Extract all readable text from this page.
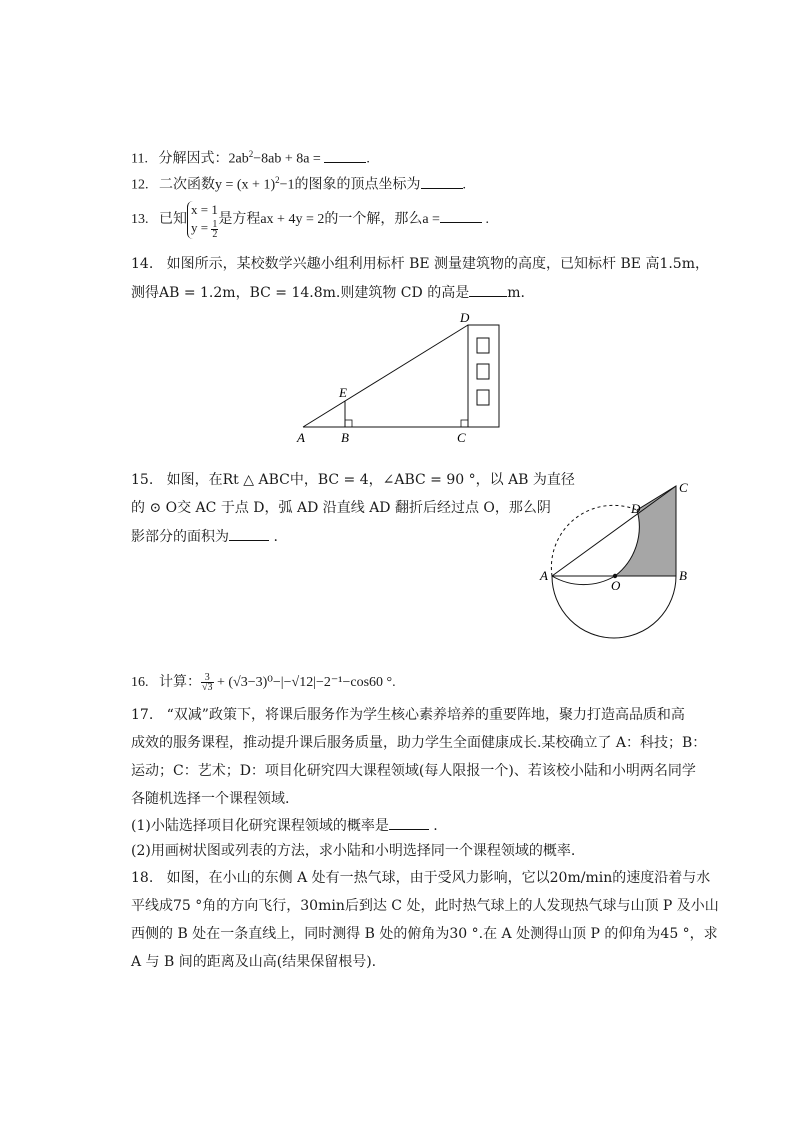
11. 分解因式：$2ab^2-8ab + 8a$ =	.
12. 二次函数$y = (x + 1)^2-1$的图象的顶点坐标为	.
13. 已知
x = 1
$y = \frac{1}{2}$
是方程ax + 4y = 2的一个解，那么a =	.
14. 如图所示，某校数学兴趣小组利用标杆 BE 测量建筑物的高度，已知标杆 BE 高1.5m，
测得AB = 1.2m，BC = 14.8m.则建筑物 CD 的高是	m.
A	B	C
D
E
15. 如图，在Rt △ ABC中，BC = 4，∠ABC = 90 °，以 AB 为直径
的 ⊙ O交 AC 于点 D，弧 AD 沿直线 AD 翻折后经过点 O，那么阴
影部分的面积为	.
A	B
C
D
O
16. 计算： $\frac{3}{√3} + (√3-3)^0-|-√12|-2^{-1}-\cos 60$ °.
17. “双减”政策下，将课后服务作为学生核心素养培养的重要阵地，聚力打造高品质和高
成效的服务课程，推动提升课后服务质量，助力学生全面健康成长.某校确立了 A：科技；B：
运动；C：艺术；D：项目化研究四大课程领域(每人限报一个)、若该校小陆和小明两名同学
各随机选择一个课程领域.
(1)小陆选择项目化研究课程领域的概率是	.
(2)用画树状图或列表的方法，求小陆和小明选择同一个课程领域的概率.
18. 如图，在小山的东侧 A 处有一热气球，由于受风力影响，它以20m/min的速度沿着与水
平线成75 °角的方向飞行，30min后到达 C 处，此时热气球上的人发现热气球与山顶 P 及小山
西侧的 B 处在一条直线上，同时测得 B 处的俯角为30 °.在 A 处测得山顶 P 的仰角为45 °，求
A 与 B 间的距离及山高(结果保留根号).
